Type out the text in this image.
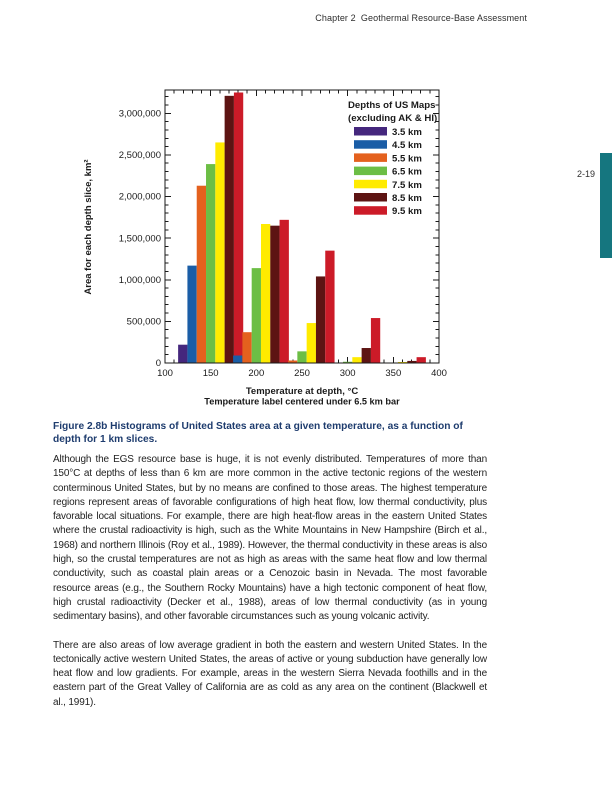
Chapter 2  Geothermal Resource-Base Assessment
100	150	200	250	300	350	400
0
500,000
1,000,000
1,500,000
2,000,000
2,500,000
3,000,000
Temperature at depth, °C
Temperature label centered under 6.5 km bar
Area for each depth slice, km²
Depths of US Maps
(excluding AK & HI)
3.5 km
4.5 km
5.5 km
6.5 km
7.5 km
8.5 km
9.5 km
2-19

Figure 2.8b Histograms of United States area at a given temperature, as a function of depth for 1 km slices.

Although the EGS resource base is huge, it is not evenly distributed. Temperatures of more than 150°C at depths of less than 6 km are more common in the active tectonic regions of the western conterminous United States, but by no means are confined to those areas. The highest temperature regions represent areas of favorable configurations of high heat flow, low thermal conductivity, plus favorable local situations. For example, there are high heat-flow areas in the eastern United States where the crustal radioactivity is high, such as the White Mountains in New Hampshire (Birch et al., 1968) and northern Illinois (Roy et al., 1989). However, the thermal conductivity in these areas is also high, so the crustal temperatures are not as high as areas with the same heat flow and low thermal conductivity, such as coastal plain areas or a Cenozoic basin in Nevada. The most favorable resource areas (e.g., the Southern Rocky Mountains) have a high tectonic component of heat flow, high crustal radioactivity (Decker et al., 1988), areas of low thermal conductivity (as in young sedimentary basins), and other favorable circumstances such as young volcanic activity.

There are also areas of low average gradient in both the eastern and western United States. In the tectonically active western United States, the areas of active or young subduction have generally low heat flow and low gradients. For example, areas in the western Sierra Nevada foothills and in the eastern part of the Great Valley of California are as cold as any area on the continent (Blackwell et al., 1991).
